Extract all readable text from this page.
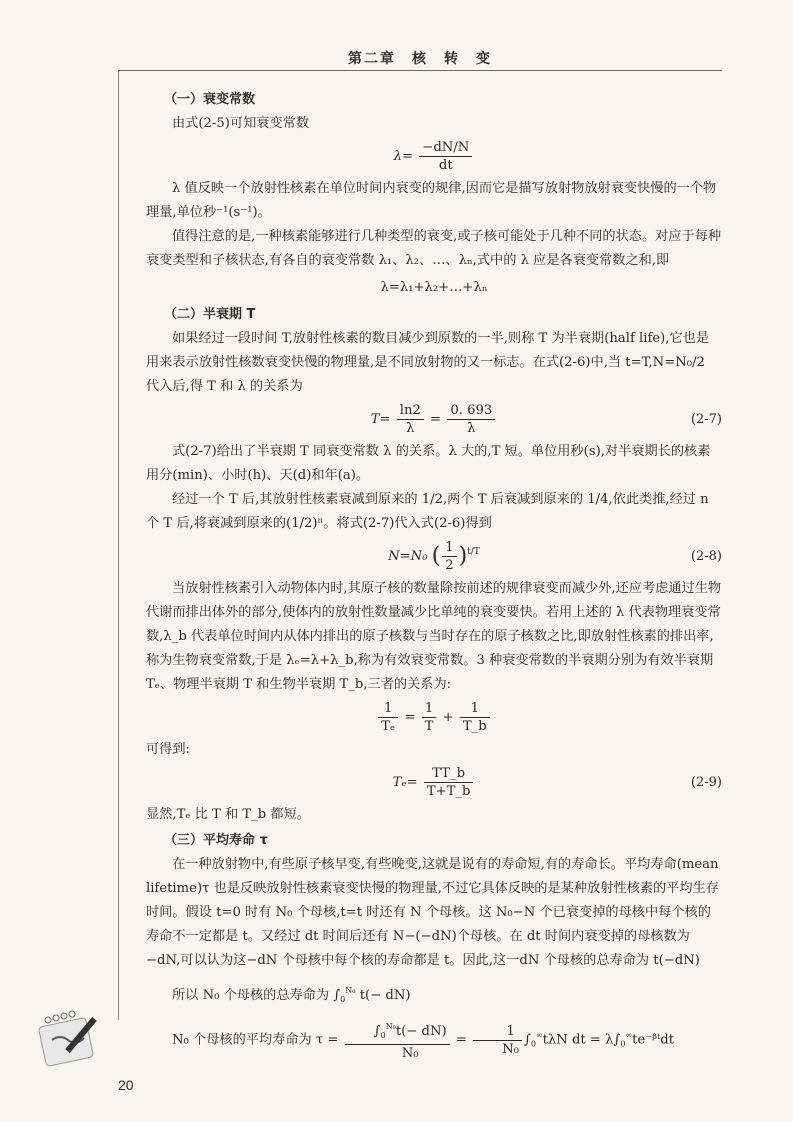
第二章　核　转　变
（一）衰变常数

由式(2-5)可知衰变常数

$\lambda= \frac{-dN/N}{dt}$

λ 值反映一个放射性核素在单位时间内衰变的规律,因而它是描写放射物放射衰变快慢的一个物理量,单位秒⁻¹(s⁻¹)。

值得注意的是,一种核素能够进行几种类型的衰变,或子核可能处于几种不同的状态。对应于每种衰变类型和子核状态,有各自的衰变常数 λ₁、λ₂、…、λₙ,式中的 λ 应是各衰变常数之和,即

λ=λ₁+λ₂+…+λₙ
（二）半衰期 T

如果经过一段时间 T,放射性核素的数目减少到原数的一半,则称 T 为半衰期(half life),它也是用来表示放射性核数衰变快慢的物理量,是不同放射物的又一标志。在式(2-6)中,当 t=T,N=N₀/2 代入后,得 T 和 λ 的关系为

$T= \frac{\ln 2}{\lambda} = \frac{0. 693}{\lambda}$	(2-7)

式(2-7)给出了半衰期 T 同衰变常数 λ 的关系。λ 大的,T 短。单位用秒(s),对半衰期长的核素用分(min)、小时(h)、天(d)和年(a)。

经过一个 T 后,其放射性核素衰减到原来的 1/2,两个 T 后衰减到原来的 1/4,依此类推,经过 n 个 T 后,将衰减到原来的(1/2)ⁿ。将式(2-7)代入式(2-6)得到

N=N₀ ( $\frac{1}{2} )^{t/T}$	(2-8)

当放射性核素引入动物体内时,其原子核的数量除按前述的规律衰变而减少外,还应考虑通过生物代谢而排出体外的部分,使体内的放射性数量减少比单纯的衰变要快。若用上述的 λ 代表物理衰变常数,λ_b 代表单位时间内从体内排出的原子核数与当时存在的原子核数之比,即放射性核素的排出率,称为生物衰变常数,于是 λₑ=λ+λ_b,称为有效衰变常数。3 种衰变常数的半衰期分别为有效半衰期 Tₑ、物理半衰期 T 和生物半衰期 T_b,三者的关系为:

$\frac{1}{\text{Tₑ}} = \frac{1}{T} + \frac{1}{T\_b}$

可得到:

$T_e= \frac{TT\_b}{T+T\_b}$	(2-9)

显然,Tₑ 比 T 和 T_b 都短。

（三）平均寿命 τ

在一种放射物中,有些原子核早变,有些晚变,这就是说有的寿命短,有的寿命长。平均寿命(mean lifetime)τ 也是反映放射性核素衰变快慢的物理量,不过它具体反映的是某种放射性核素的平均生存时间。假设 t=0 时有 N₀ 个母核,t=t 时还有 N 个母核。这 N₀−N 个已衰变掉的母核中每个核的寿命不一定都是 t。又经过 dt 时间后还有 N−(−dN)个母核。在 dt 时间内衰变掉的母核数为−dN,可以认为这−dN 个母核中每个核的寿命都是 t。因此,这一dN 个母核的总寿命为 t(−dN)

所以 N₀ 个母核的总寿命为 $\int_0^{N_0}$ t(− dN)

N₀ 个母核的平均寿命为 $\tau = \frac{\int_0^{N_0}t(- dN)}{\text{N₀}} = \frac{1}{\text{N₀}} \int_0^\infty t\lambda N$ dt = $\lambda\int_0^\infty te^-ᵝᵗdt$

20
